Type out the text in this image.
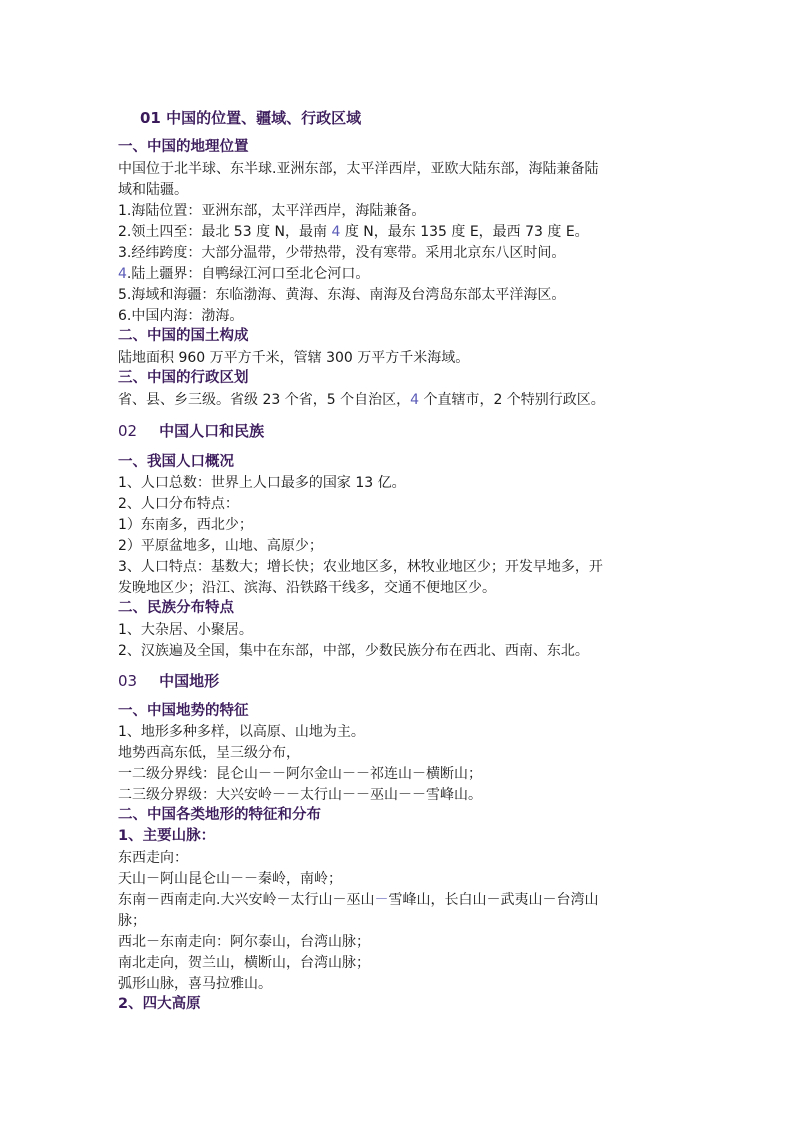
01 中国的位置、疆域、行政区域
一、中国的地理位置
中国位于北半球、东半球.亚洲东部，太平洋西岸，亚欧大陆东部，海陆兼备陆
域和陆疆。
1.海陆位置：亚洲东部，太平洋西岸，海陆兼备。
2.领土四至：最北 53 度 N，最南 4 度 N，最东 135 度 E，最西 73 度 E。
3.经纬跨度：大部分温带，少带热带，没有寒带。采用北京东八区时间。
4.陆上疆界：自鸭绿江河口至北仑河口。
5.海域和海疆：东临渤海、黄海、东海、南海及台湾岛东部太平洋海区。
6.中国内海：渤海。
二、中国的国土构成
陆地面积 960 万平方千米，管辖 300 万平方千米海域。
三、中国的行政区划
省、县、乡三级。省级 23 个省，5 个自治区，4 个直辖市，2 个特别行政区。
02 中国人口和民族
一、我国人口概况
1、人口总数：世界上人口最多的国家 13 亿。
2、人口分布特点：
1）东南多，西北少；
2）平原盆地多，山地、高原少；
3、人口特点：基数大；增长快；农业地区多，林牧业地区少；开发早地多，开
发晚地区少；沿江、滨海、沿铁路干线多，交通不便地区少。
二、民族分布特点
1、大杂居、小聚居。
2、汉族遍及全国，集中在东部，中部，少数民族分布在西北、西南、东北。
03 中国地形
一、中国地势的特征
1、地形多种多样，以高原、山地为主。
地势西高东低，呈三级分布，
一二级分界线：昆仑山－－阿尔金山－－祁连山－横断山；
二三级分界级：大兴安岭－－太行山－－巫山－－雪峰山。
二、中国各类地形的特征和分布
1、主要山脉：
东西走向：
天山－阿山昆仑山－－秦岭，南岭；
东南－西南走向.大兴安岭－太行山－巫山－雪峰山，长白山－武夷山－台湾山
脉；
西北－东南走向：阿尔泰山，台湾山脉；
南北走向，贺兰山，横断山，台湾山脉；
弧形山脉，喜马拉雅山。
2、四大高原
